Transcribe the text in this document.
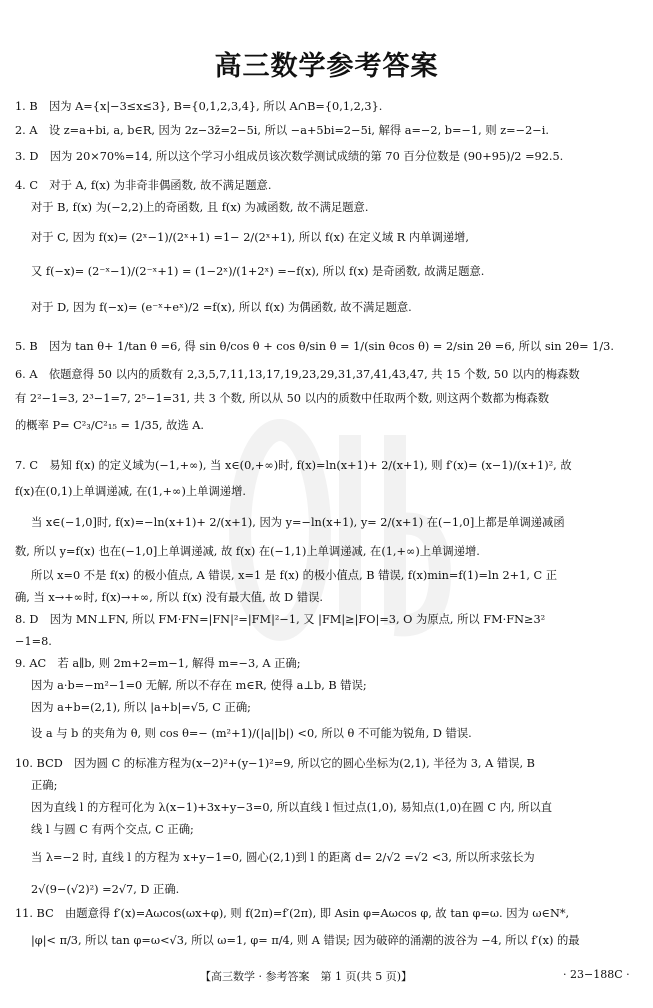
高三数学参考答案
1. B　因为 A={x|−3≤x≤3}, B={0,1,2,3,4}, 所以 A∩B={0,1,2,3}.
2. A　设 z=a+bi, a, b∈R, 因为 2z−3z̄=2−5i, 所以 −a+5bi=2−5i, 解得 a=−2, b=−1, 则 z=−2−i.
3. D　因为 20×70%=14, 所以这个学习小组成员该次数学测试成绩的第 70 百分位数是 (90+95)/2 =92.5.
4. C　对于 A, f(x) 为非奇非偶函数, 故不满足题意.
对于 B, f(x) 为(−2,2)上的奇函数, 且 f(x) 为减函数, 故不满足题意.
对于 C, 因为 f(x)= (2ˣ−1)/(2ˣ+1) =1− 2/(2ˣ+1), 所以 f(x) 在定义域 R 内单调递增,
又 f(−x)= (2⁻ˣ−1)/(2⁻ˣ+1) = (1−2ˣ)/(1+2ˣ) =−f(x), 所以 f(x) 是奇函数, 故满足题意.
对于 D, 因为 f(−x)= (e⁻ˣ+eˣ)/2 =f(x), 所以 f(x) 为偶函数, 故不满足题意.
5. B　因为 tan θ+ 1/tan θ =6, 得 sin θ/cos θ + cos θ/sin θ = 1/(sin θcos θ) = 2/sin 2θ =6, 所以 sin 2θ= 1/3.
6. A　依题意得 50 以内的质数有 2,3,5,7,11,13,17,19,23,29,31,37,41,43,47, 共 15 个数, 50 以内的梅森数
有 2²−1=3, 2³−1=7, 2⁵−1=31, 共 3 个数, 所以从 50 以内的质数中任取两个数, 则这两个数都为梅森数
的概率 P= C²₃/C²₁₅ = 1/35, 故选 A.
7. C　易知 f(x) 的定义域为(−1,+∞), 当 x∈(0,+∞)时, f(x)=ln(x+1)+ 2/(x+1), 则 f′(x)= (x−1)/(x+1)², 故
f(x)在(0,1)上单调递减, 在(1,+∞)上单调递增.
当 x∈(−1,0]时, f(x)=−ln(x+1)+ 2/(x+1), 因为 y=−ln(x+1), y= 2/(x+1) 在(−1,0]上都是单调递减函
数, 所以 y=f(x) 也在(−1,0]上单调递减, 故 f(x) 在(−1,1)上单调递减, 在(1,+∞)上单调递增.
所以 x=0 不是 f(x) 的极小值点, A 错误, x=1 是 f(x) 的极小值点, B 错误, f(x)min=f(1)=ln 2+1, C 正
确, 当 x→+∞时, f(x)→+∞, 所以 f(x) 没有最大值, 故 D 错误.
8. D　因为 MN⊥FN, 所以 FM·FN=|FN|²=|FM|²−1, 又 |FM|≥|FO|=3, O 为原点, 所以 FM·FN≥3²
−1=8.
9. AC　若 a∥b, 则 2m+2=m−1, 解得 m=−3, A 正确;
因为 a·b=−m²−1=0 无解, 所以不存在 m∈R, 使得 a⊥b, B 错误;
因为 a+b=(2,1), 所以 |a+b|=√5, C 正确;
设 a 与 b 的夹角为 θ, 则 cos θ=− (m²+1)/(|a||b|) <0, 所以 θ 不可能为锐角, D 错误.
10. BCD　因为圆 C 的标准方程为(x−2)²+(y−1)²=9, 所以它的圆心坐标为(2,1), 半径为 3, A 错误, B
正确;
因为直线 l 的方程可化为 λ(x−1)+3x+y−3=0, 所以直线 l 恒过点(1,0), 易知点(1,0)在圆 C 内, 所以直
线 l 与圆 C 有两个交点, C 正确;
当 λ=−2 时, 直线 l 的方程为 x+y−1=0, 圆心(2,1)到 l 的距离 d= 2/√2 =√2 <3, 所以所求弦长为
2√(9−(√2)²) =2√7, D 正确.
11. BC　由题意得 f′(x)=Aωcos(ωx+φ), 则 f(2π)=f′(2π), 即 Asin φ=Aωcos φ, 故 tan φ=ω. 因为 ω∈N*,
|φ|< π/3, 所以 tan φ=ω<√3, 所以 ω=1, φ= π/4, 则 A 错误; 因为破碎的涌潮的波谷为 −4, 所以 f′(x) 的最
【高三数学 · 参考答案　第 1 页(共 5 页)】	· 23−188C ·
